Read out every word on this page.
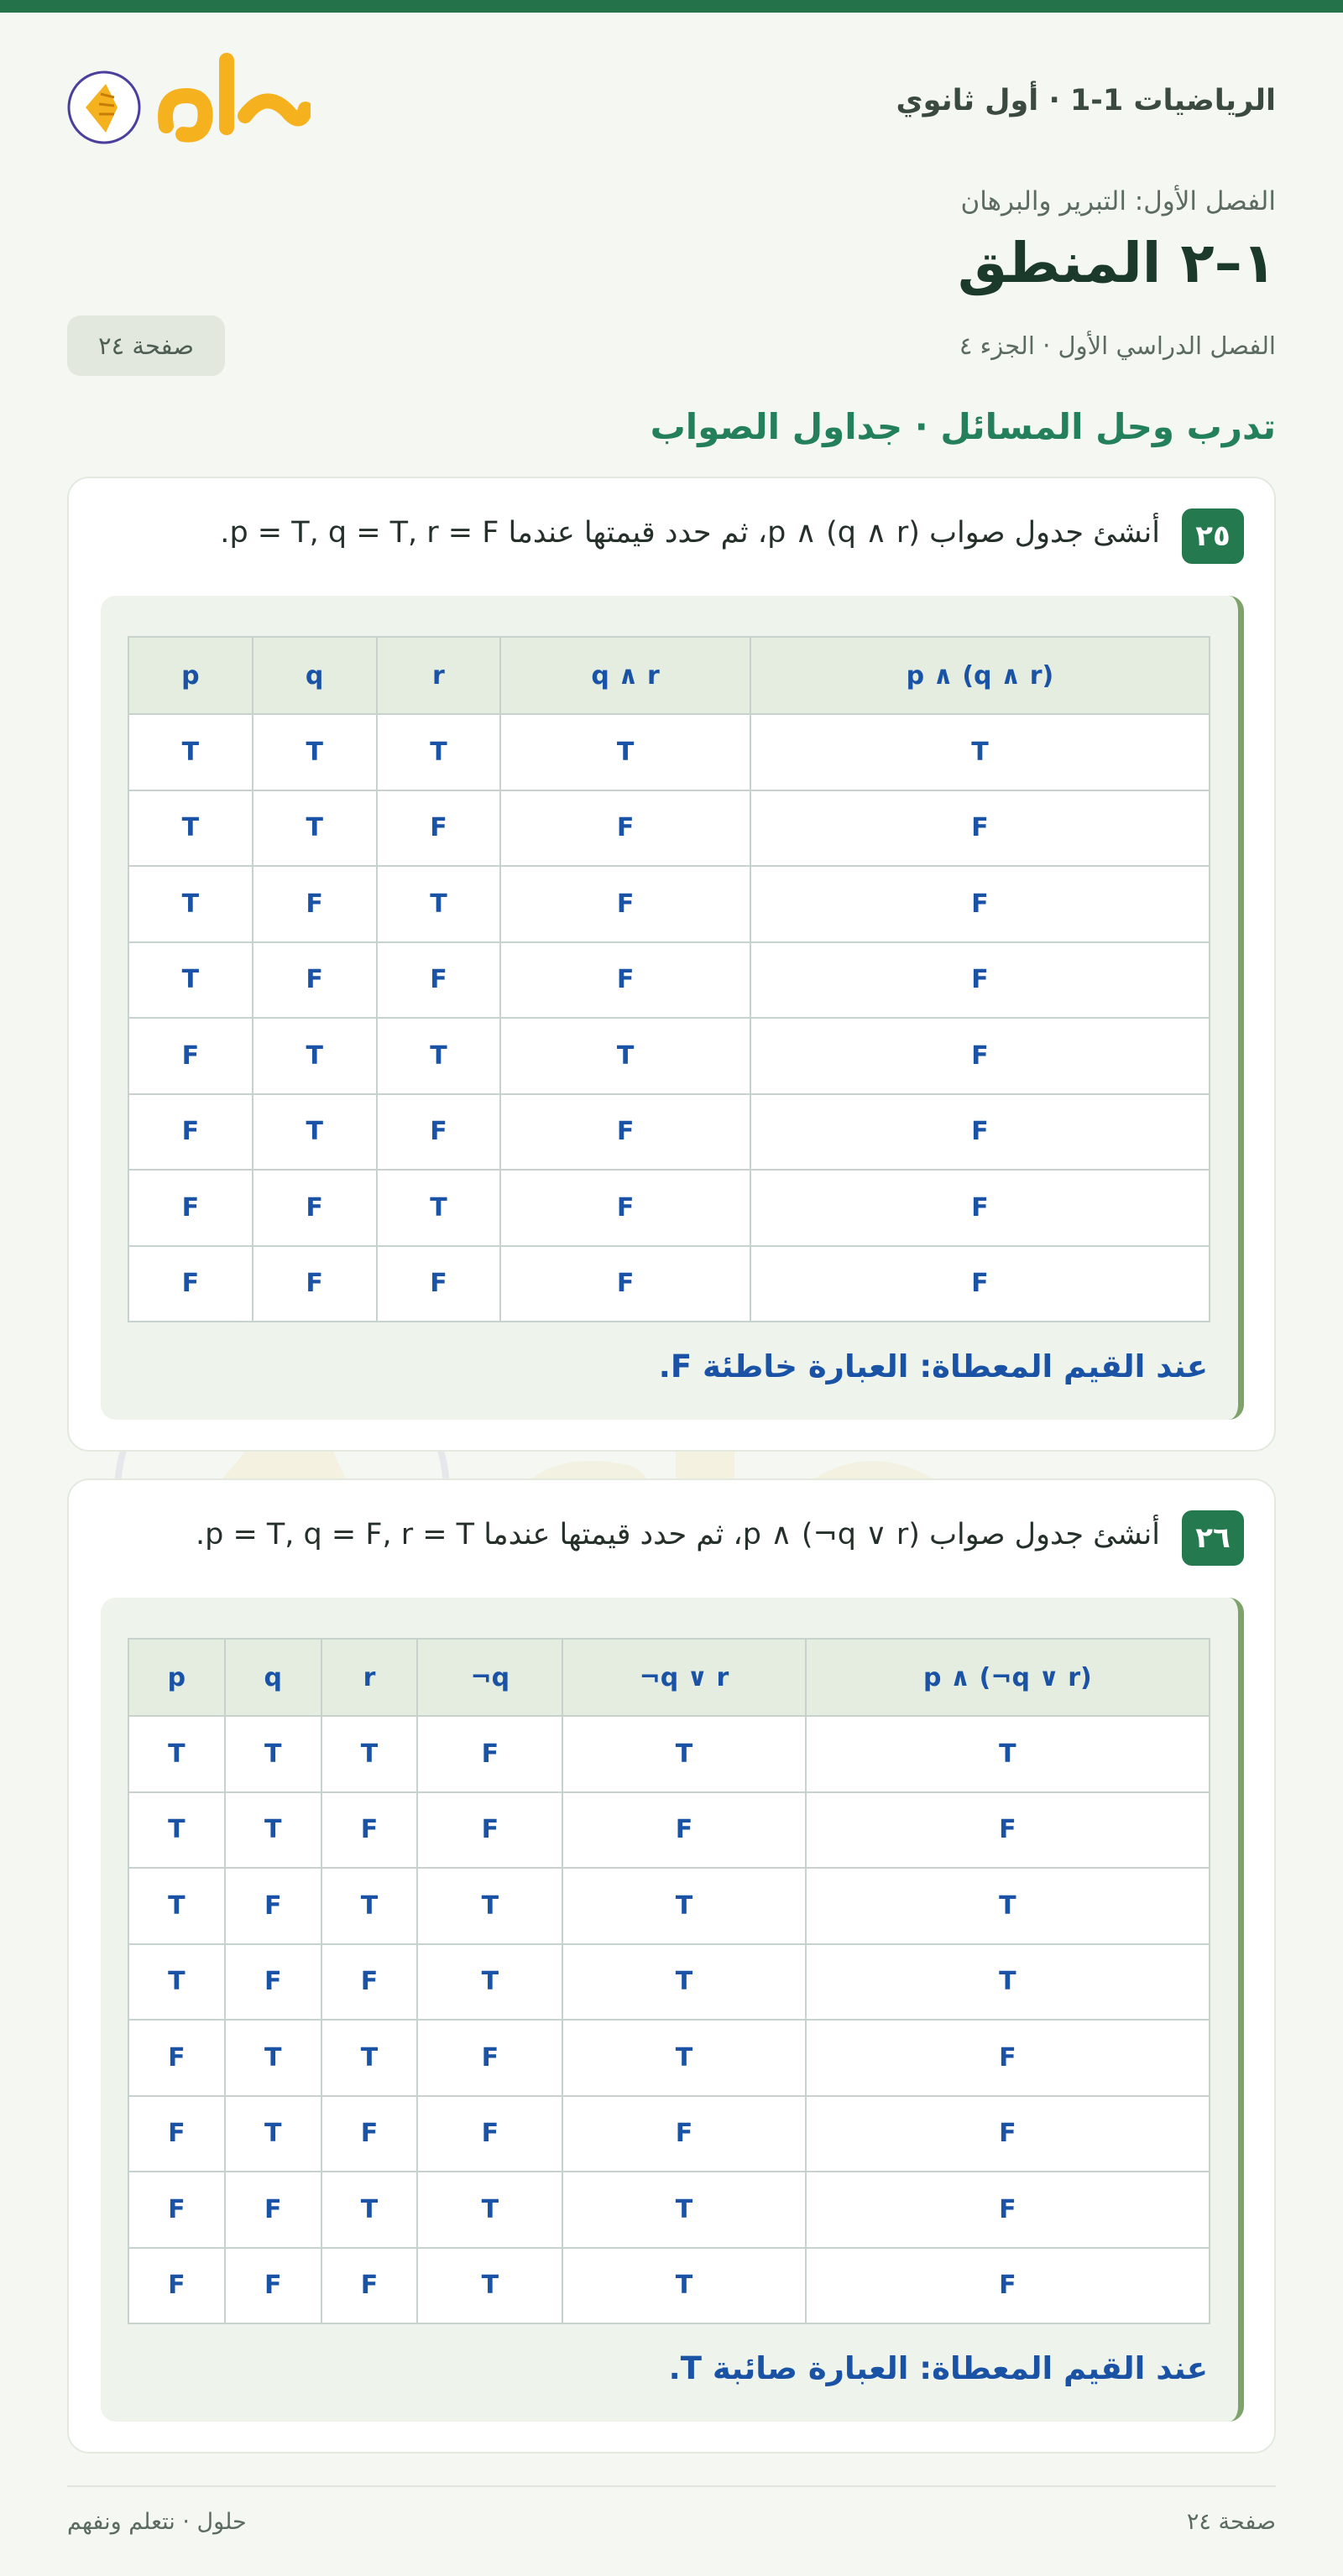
الرياضيات 1-1 · أول ثانوي
الفصل الأول: التبرير والبرهان
١–٢ المنطق
الفصل الدراسي الأول · الجزء ٤
صفحة ٢٤
تدرب وحل المسائل · جداول الصواب
٢٥
أنشئ جدول صواب p ∧ (q ∧ r)، ثم حدد قيمتها عندما p = T, q = T, r = F.
p	q	r	q ∧ r	p ∧ (q ∧ r)
T	T	T	T	T
T	T	F	F	F
T	F	T	F	F
T	F	F	F	F
F	T	T	T	F
F	T	F	F	F
F	F	T	F	F
F	F	F	F	F
عند القيم المعطاة: العبارة خاطئة F.
٢٦
أنشئ جدول صواب p ∧ (¬q ∨ r)، ثم حدد قيمتها عندما p = T, q = F, r = T.
p	q	r	¬q	¬q ∨ r	p ∧ (¬q ∨ r)
T	T	T	F	T	T
T	T	F	F	F	F
T	F	T	T	T	T
T	F	F	T	T	T
F	T	T	F	T	F
F	T	F	F	F	F
F	F	T	T	T	F
F	F	F	T	T	F
عند القيم المعطاة: العبارة صائبة T.
صفحة ٢٤
حلول · نتعلم ونفهم
